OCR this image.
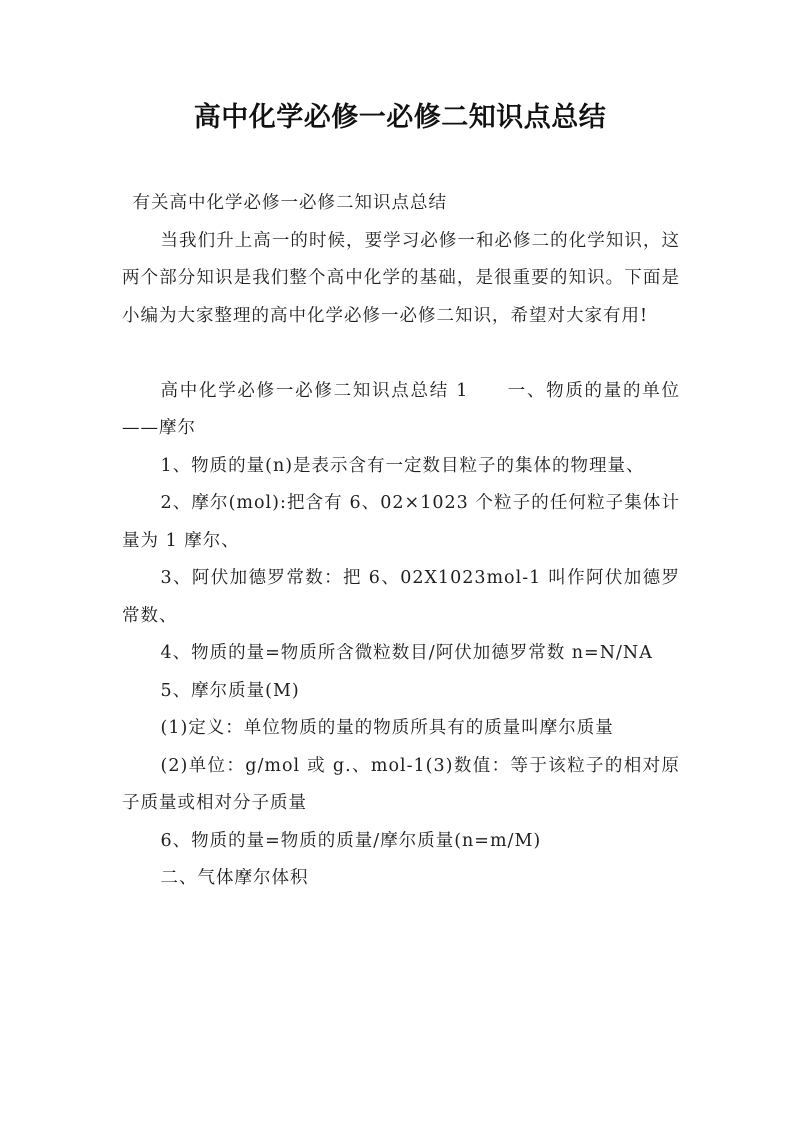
高中化学必修一必修二知识点总结

有关高中化学必修一必修二知识点总结

当我们升上高一的时候，要学习必修一和必修二的化学知识，这两个部分知识是我们整个高中化学的基础，是很重要的知识。下面是小编为大家整理的高中化学必修一必修二知识，希望对大家有用!

高中化学必修一必修二知识点总结 1　　一、物质的量的单位——摩尔

1、物质的量(n)是表示含有一定数目粒子的集体的物理量、

2、摩尔(mol):把含有 6、02×1023 个粒子的任何粒子集体计量为 1 摩尔、

3、阿伏加德罗常数：把 6、02X1023mol-1 叫作阿伏加德罗常数、

4、物质的量=物质所含微粒数目/阿伏加德罗常数 n=N/NA

5、摩尔质量(M)

(1)定义：单位物质的量的物质所具有的质量叫摩尔质量

(2)单位：g/mol 或 g.、mol-1(3)数值：等于该粒子的相对原子质量或相对分子质量

6、物质的量=物质的质量/摩尔质量(n=m/M)

二、气体摩尔体积
